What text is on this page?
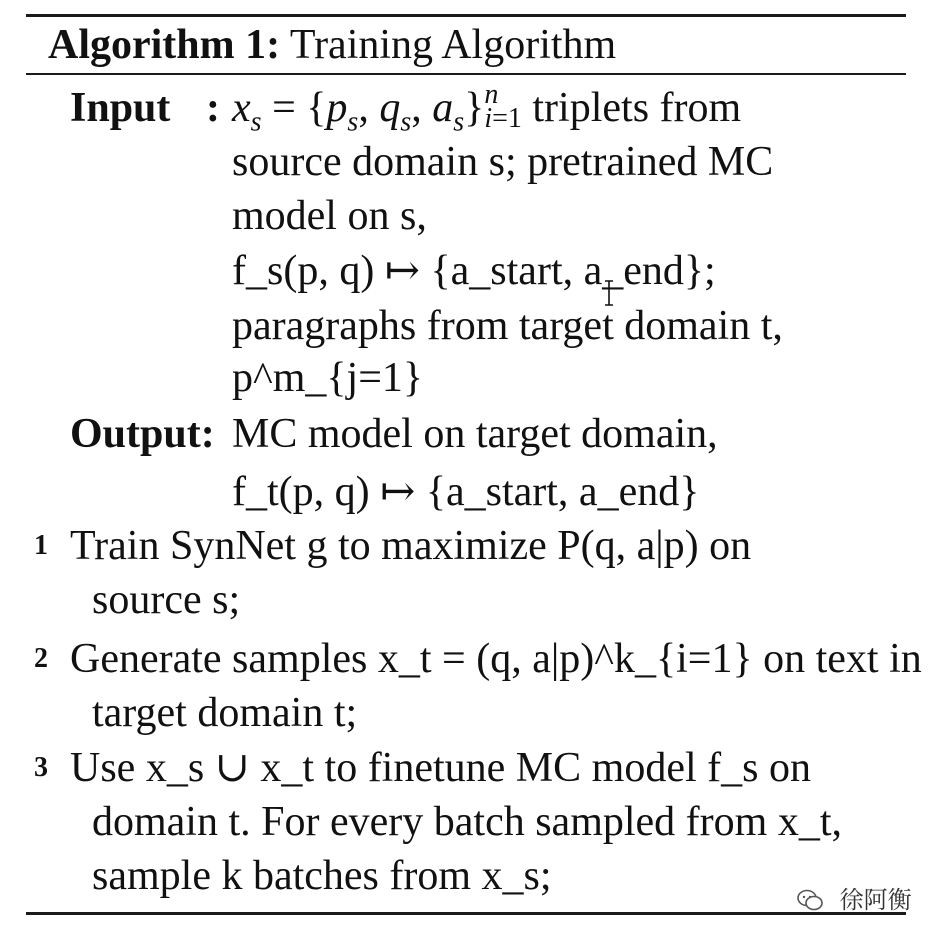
Algorithm 1: Training Algorithm
Input : $x_s = \{p_s$, $q_s$, $a_s$} n
i=1 triplets from
source domain s; pretrained MC
model on s,
f_s(p, q) ↦ {a_start, a_end};
paragraphs from target domain t,
p^m_{j=1}
Output: MC model on target domain,
f_t(p, q) ↦ {a_start, a_end}
1 Train SynNet g to maximize P(q, a|p) on
source s;
2 Generate samples x_t = (q, a|p)^k_{i=1} on text in
target domain t;
3 Use x_s ∪ x_t to finetune MC model f_s on
domain t. For every batch sampled from x_t,
sample k batches from x_s;
徐阿衡
